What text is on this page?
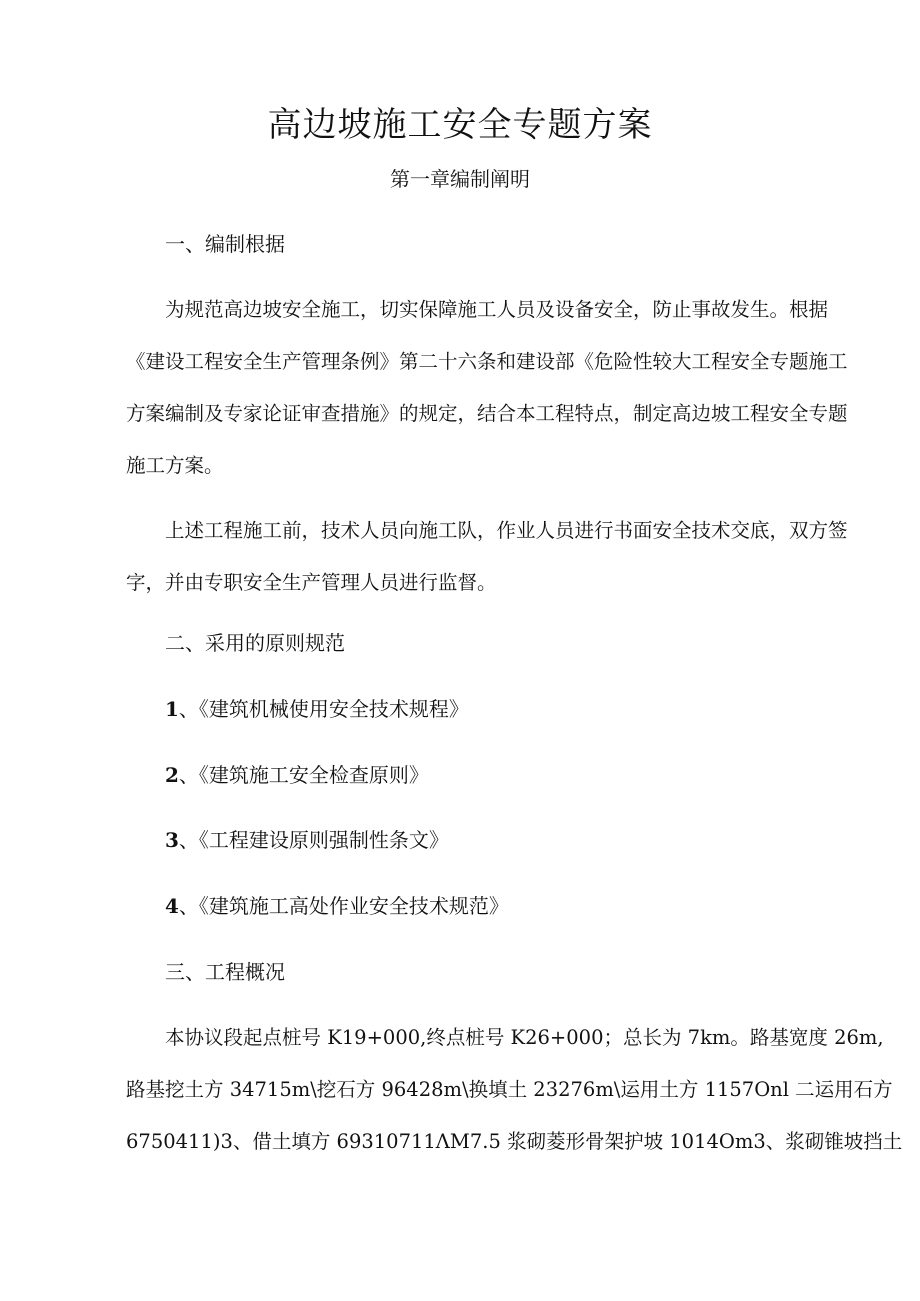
高边坡施工安全专题方案
第一章编制阐明
一、编制根据
为规范高边坡安全施工，切实保障施工人员及设备安全，防止事故发生。根据
《建设工程安全生产管理条例》第二十六条和建设部《危险性较大工程安全专题施工
方案编制及专家论证审查措施》的规定，结合本工程特点，制定高边坡工程安全专题
施工方案。
上述工程施工前，技术人员向施工队，作业人员进行书面安全技术交底，双方签
字，并由专职安全生产管理人员进行监督。
二、采用的原则规范
1、《建筑机械使用安全技术规程》
2、《建筑施工安全检查原则》
3、《工程建设原则强制性条文》
4、《建筑施工高处作业安全技术规范》
三、工程概况
本协议段起点桩号 K19+000,终点桩号 K26+000；总长为 7km。路基宽度 26m,
路基挖土方 34715m\挖石方 96428m\换填土 23276m\运用土方 1157Onl 二运用石方
6750411)3、借土填方 69310711ΛM7.5 浆砌菱形骨架护坡 1014Om3、浆砌锥坡挡土
